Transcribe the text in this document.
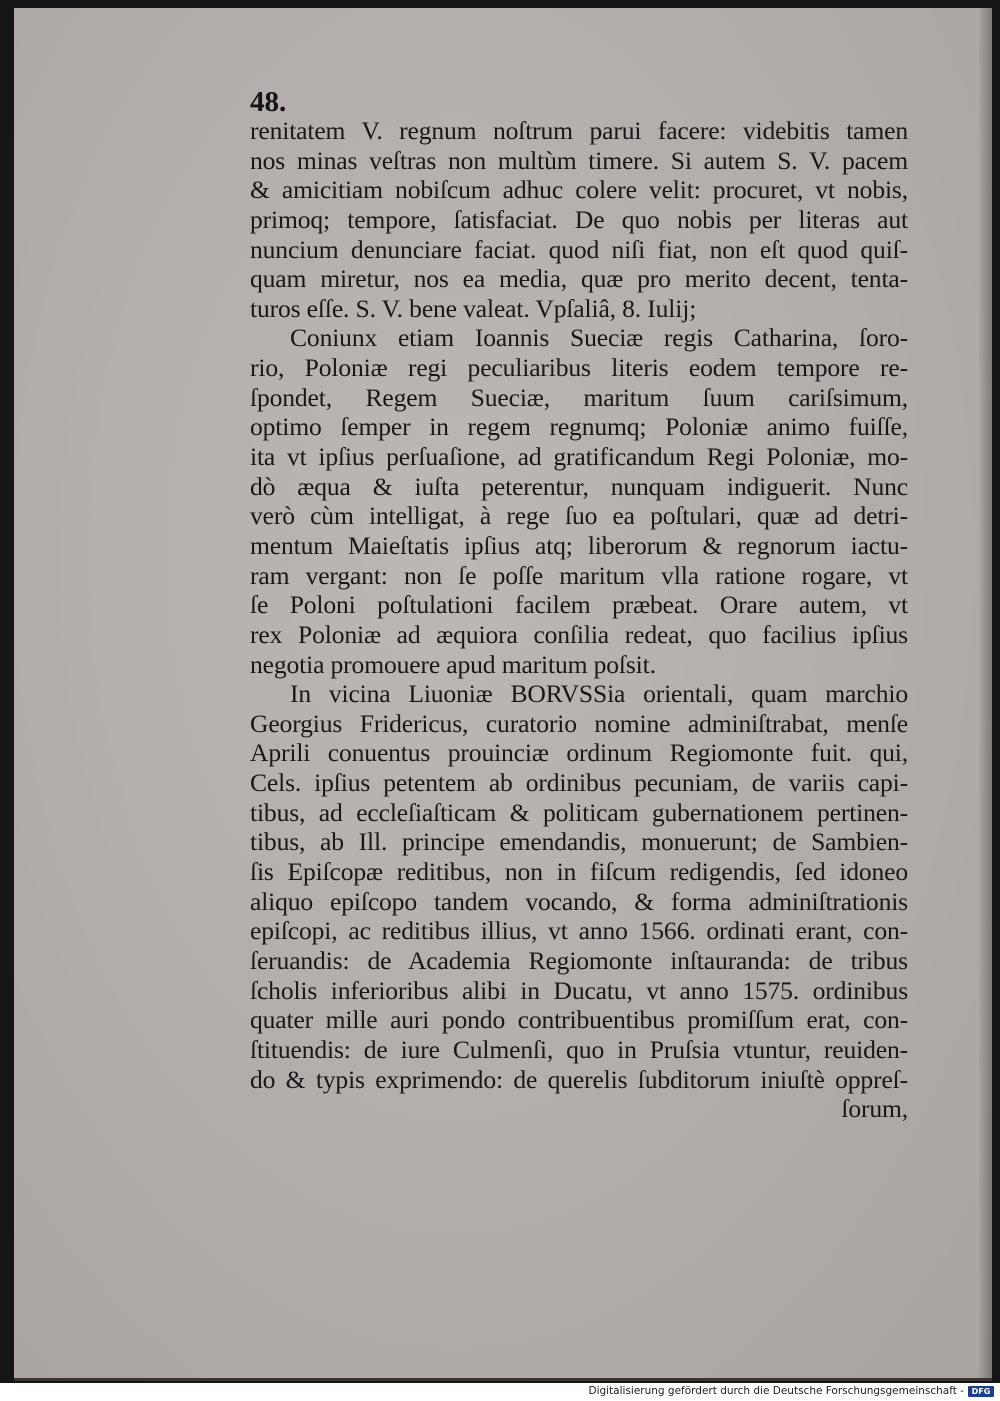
48.
renitatem V. regnum noſtrum parui facere: videbitis tamen
nos minas veſtras non multùm timere. Si autem S. V. pacem
& amicitiam nobiſcum adhuc colere velit: procuret, vt nobis,
primoq; tempore, ſatisfaciat. De quo nobis per literas aut
nuncium denunciare faciat. quod niſi fiat, non eſt quod quiſ-
quam miretur, nos ea media, quæ pro merito decent, tenta-
turos eſſe. S. V. bene valeat. Vpſaliâ, 8. Iulij;
Coniunx etiam Ioannis Sueciæ regis Catharina, ſoro-
rio, Poloniæ regi peculiaribus literis eodem tempore re-
ſpondet, Regem Sueciæ, maritum ſuum cariſsimum,
optimo ſemper in regem regnumq; Poloniæ animo fuiſſe,
ita vt ipſius perſuaſione, ad gratificandum Regi Poloniæ, mo-
dò æqua & iuſta peterentur, nunquam indiguerit. Nunc
verò cùm intelligat, à rege ſuo ea poſtulari, quæ ad detri-
mentum Maieſtatis ipſius atq; liberorum & regnorum iactu-
ram vergant: non ſe poſſe maritum vlla ratione rogare, vt
ſe Poloni poſtulationi facilem præbeat. Orare autem, vt
rex Poloniæ ad æquiora conſilia redeat, quo facilius ipſius
negotia promouere apud maritum poſsit.
In vicina Liuoniæ BORVSSia orientali, quam marchio
Georgius Fridericus, curatorio nomine adminiſtrabat, menſe
Aprili conuentus prouinciæ ordinum Regiomonte fuit. qui,
Cels. ipſius petentem ab ordinibus pecuniam, de variis capi-
tibus, ad eccleſiaſticam & politicam gubernationem pertinen-
tibus, ab Ill. principe emendandis, monuerunt; de Sambien-
ſis Epiſcopæ reditibus, non in fiſcum redigendis, ſed idoneo
aliquo epiſcopo tandem vocando, & forma adminiſtrationis
epiſcopi, ac reditibus illius, vt anno 1566. ordinati erant, con-
ſeruandis: de Academia Regiomonte inſtauranda: de tribus
ſcholis inferioribus alibi in Ducatu, vt anno 1575. ordinibus
quater mille auri pondo contribuentibus promiſſum erat, con-
ſtituendis: de iure Culmenſi, quo in Pruſsia vtuntur, reuiden-
do & typis exprimendo: de querelis ſubditorum iniuſtè oppreſ-
ſorum,
Digitalisierung gefördert durch die Deutsche Forschungsgemeinschaft - DFG
